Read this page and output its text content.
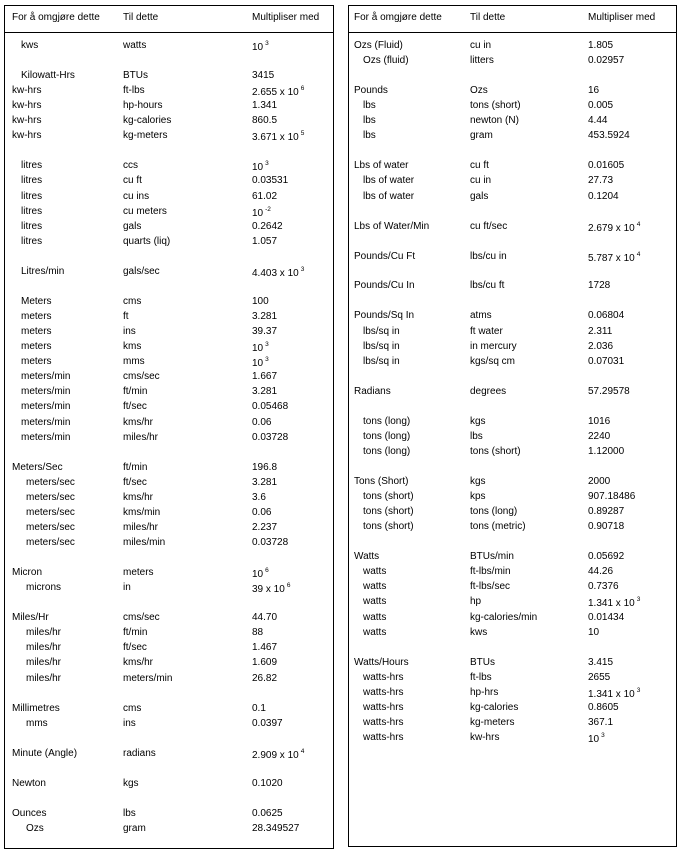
For å omgjøre dette Til dette	Multipliser med
kws	watts	10 $^3$
Kilowatt-Hrs	BTUs	3415
kw-hrs	ft-lbs	2.655 x 10 $^6$
kw-hrs	hp-hours	1.341
kw-hrs	kg-calories	860.5
kw-hrs	kg-meters	3.671 x 10 $^5$
litres	ccs	10 $^3$
litres	cu ft	0.03531
litres	cu ins	61.02
litres	cu meters	10 $^{-2}$
litres	gals	0.2642
litres	quarts (liq)	1.057
Litres/min	gals/sec	4.403 x 10 $^3$
Meters	cms	100
meters	ft	3.281
meters	ins	39.37
meters	kms	10 $^3$
meters	mms	10 $^3$
meters/min	cms/sec	1.667
meters/min	ft/min	3.281
meters/min	ft/sec	0.05468
meters/min	kms/hr	0.06
meters/min	miles/hr	0.03728
Meters/Sec	ft/min	196.8
meters/sec	ft/sec	3.281
meters/sec	kms/hr	3.6
meters/sec	kms/min	0.06
meters/sec	miles/hr	2.237
meters/sec	miles/min	0.03728
Micron	meters	10 $^6$
microns	in	39 x 10 $^6$
Miles/Hr	cms/sec	44.70
miles/hr	ft/min	88
miles/hr	ft/sec	1.467
miles/hr	kms/hr	1.609
miles/hr	meters/min	26.82
Millimetres	cms	0.1
mms	ins	0.0397
Minute (Angle)	radians	2.909 x 10 $^4$
Newton	kgs	0.1020
Ounces	lbs	0.0625
Ozs	gram	28.349527
For å omgjøre dette	Til dette	Multipliser med
Ozs (Fluid)	cu in	1.805
Ozs (fluid)	litters	0.02957
Pounds	Ozs	16
lbs	tons (short)	0.005
lbs	newton (N)	4.44
lbs	gram	453.5924
Lbs of water	cu ft	0.01605
lbs of water	cu in	27.73
lbs of water	gals	0.1204
Lbs of Water/Min	cu ft/sec	2.679 x 10 $^4$
Pounds/Cu Ft	lbs/cu in	5.787 x 10 $^4$
Pounds/Cu In	lbs/cu ft	1728
Pounds/Sq In	atms	0.06804
lbs/sq in	ft water	2.311
lbs/sq in	in mercury	2.036
lbs/sq in	kgs/sq cm	0.07031
Radians	degrees	57.29578
tons (long)	kgs	1016
tons (long)	lbs	2240
tons (long)	tons (short)	1.12000
Tons (Short)	kgs	2000
tons (short)	kps	907.18486
tons (short)	tons (long)	0.89287
tons (short)	tons (metric)	0.90718
Watts	BTUs/min	0.05692
watts	ft-lbs/min	44.26
watts	ft-lbs/sec	0.7376
watts	hp	1.341 x 10 $^3$
watts	kg-calories/min	0.01434
watts	kws	10
Watts/Hours	BTUs	3.415
watts-hrs	ft-lbs	2655
watts-hrs	hp-hrs	1.341 x 10 $^3$
watts-hrs	kg-calories	0.8605
watts-hrs	kg-meters	367.1
watts-hrs	kw-hrs	10 $^3$
